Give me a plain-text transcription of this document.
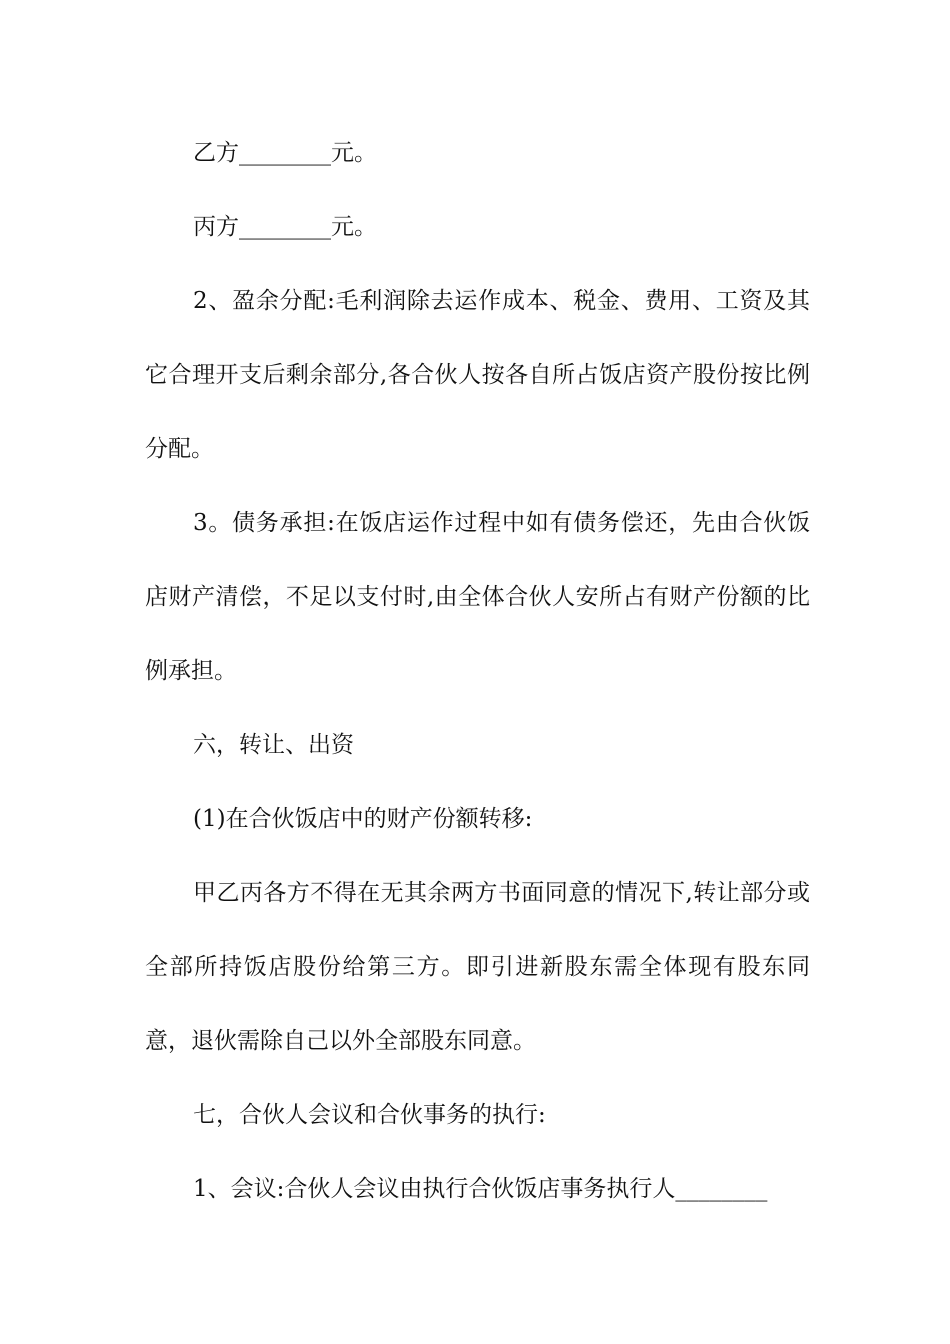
乙方________元。

丙方________元。

2、盈余分配:毛利润除去运作成本、税金、费用、工资及其它合理开支后剩余部分,各合伙人按各自所占饭店资产股份按比例分配。

3。债务承担:在饭店运作过程中如有债务偿还，先由合伙饭店财产清偿，不足以支付时,由全体合伙人安所占有财产份额的比例承担。

六，转让、出资

(1)在合伙饭店中的财产份额转移:

甲乙丙各方不得在无其余两方书面同意的情况下,转让部分或全部所持饭店股份给第三方。即引进新股东需全体现有股东同意，退伙需除自己以外全部股东同意。

七，合伙人会议和合伙事务的执行:

1、会议:合伙人会议由执行合伙饭店事务执行人________
